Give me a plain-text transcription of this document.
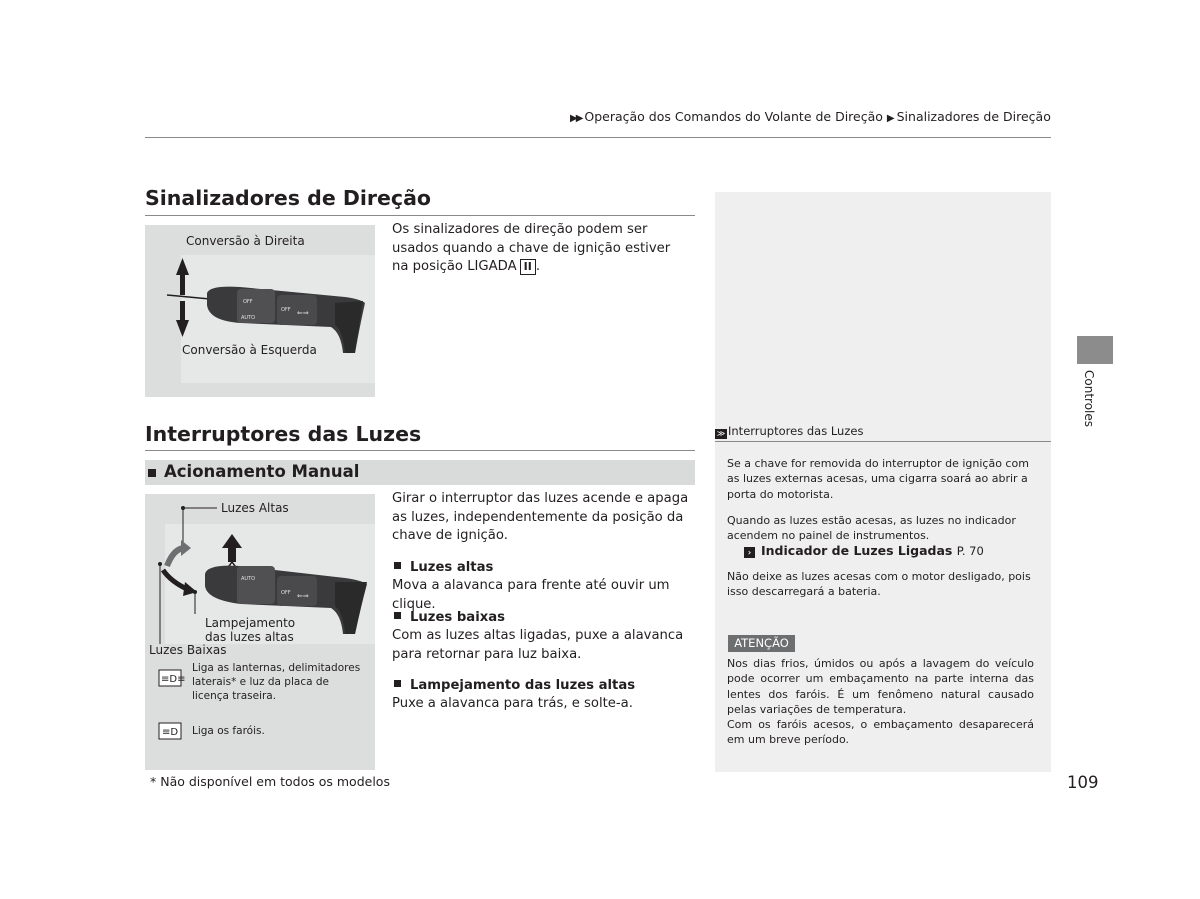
▶▶ Operação dos Comandos do Volante de Direção ▶ Sinalizadores de Direção
Sinalizadores de Direção
OFF
AUTO
OFF ⇐⇒
Conversão à Direita
Conversão à Esquerda
Os sinalizadores de direção podem ser usados quando a chave de ignição estiver na posição LIGADA II .
Interruptores das Luzes
Acionamento Manual
AUTO
OFF ⇐⇒
≡D≡
≡D
Luzes Altas
Lampejamento
das luzes altas
Luzes Baixas
Liga as lanternas, delimitadores laterais* e luz da placa de licença traseira.
Liga os faróis.
Girar o interruptor das luzes acende e apaga as luzes, independentemente da posição da chave de ignição.
Luzes altas
Mova a alavanca para frente até ouvir um clique.
Luzes baixas
Com as luzes altas ligadas, puxe a alavanca para retornar para luz baixa.
Lampejamento das luzes altas
Puxe a alavanca para trás, e solte-a.
≫ Interruptores das Luzes
Se a chave for removida do interruptor de ignição com as luzes externas acesas, uma cigarra soará ao abrir a porta do motorista.
Quando as luzes estão acesas, as luzes no indicador acendem no painel de instrumentos.
› Indicador de Luzes Ligadas P. 70
Não deixe as luzes acesas com o motor desligado, pois isso descarregará a bateria.
ATENÇÃO
Nos dias frios, úmidos ou após a lavagem do veículo pode ocorrer um embaçamento na parte interna das lentes dos faróis. É um fenômeno natural causado pelas variações de temperatura.
Com os faróis acesos, o embaçamento desaparecerá em um breve período.
Controles
* Não disponível em todos os modelos	109
